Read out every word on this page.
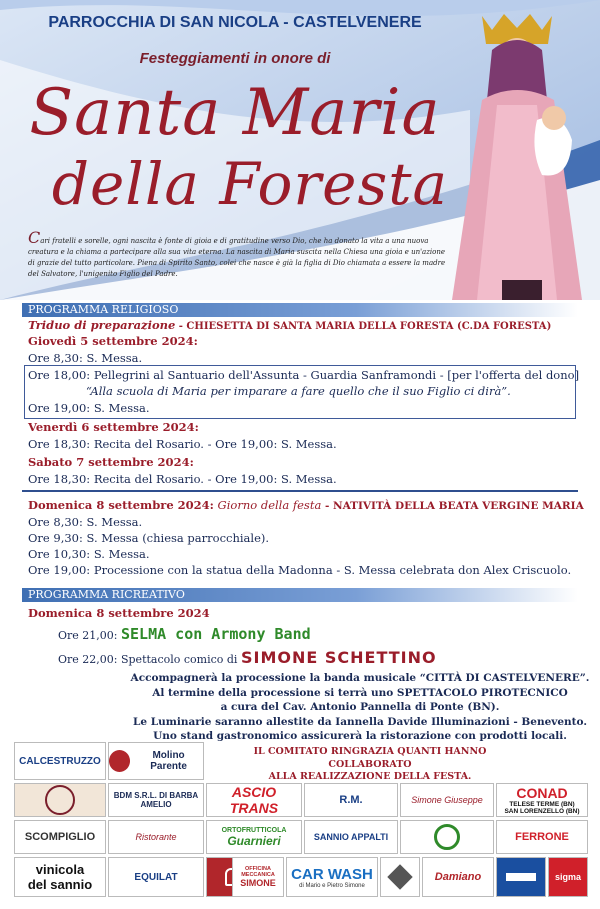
PARROCCHIA DI SAN NICOLA - CASTELVENERE
Festeggiamenti in onore di
Santa Maria
della Foresta
Cari fratelli e sorelle, ogni nascita è fonte di gioia e di gratitudine verso Dio, che ha donato la vita a una nuova creatura e la chiama a partecipare alla sua vita eterna. La nascita di Maria suscita nella Chiesa una gioia e un'azione di grazie del tutto particolare. Piena di Spirito Santo, colei che nasce è già la figlia di Dio chiamata a essere la madre del Salvatore, l'unigenito Figlio del Padre.
PROGRAMMA RELIGIOSO
Triduo di preparazione - CHIESETTA DI SANTA MARIA DELLA FORESTA (C.DA FORESTA)
Giovedì 5 settembre 2024:
Ore 8,30: S. Messa.
Ore 18,00: Pellegrini al Santuario dell'Assunta - Guardia Sanframondi - [per l'offerta del dono]
“Alla scuola di Maria per imparare a fare quello che il suo Figlio ci dirà”.
Ore 19,00: S. Messa.
Venerdì 6 settembre 2024:
Ore 18,30: Recita del Rosario. - Ore 19,00: S. Messa.
Sabato 7 settembre 2024:
Ore 18,30: Recita del Rosario. - Ore 19,00: S. Messa.
Domenica 8 settembre 2024: Giorno della festa - NATIVITÀ DELLA BEATA VERGINE MARIA
Ore 8,30: S. Messa.
Ore 9,30: S. Messa (chiesa parrocchiale).
Ore 10,30: S. Messa.
Ore 19,00: Processione con la statua della Madonna - S. Messa celebrata don Alex Criscuolo.
PROGRAMMA RICREATIVO
Domenica 8 settembre 2024
Ore 21,00: SELMA con Armony Band
Ore 22,00: Spettacolo comico di SIMONE SCHETTINO
Accompagnerà la processione la banda musicale “CITTÀ DI CASTELVENERE”.
Al termine della processione si terrà uno SPETTACOLO PIROTECNICO
a cura del Cav. Antonio Pannella di Ponte (BN).
Le Luminarie saranno allestite da Iannella Davide Illuminazioni - Benevento.
Uno stand gastronomico assicurerà la ristorazione con prodotti locali.
IL COMITATO RINGRAZIA QUANTI HANNO COLLABORATO
ALLA REALIZZAZIONE DELLA FESTA.
CALCESTRUZZO	Molino Parente
BDM S.R.L. DI BARBA AMELIO
ASCIO TRANS	R.M.	Simone Giuseppe CONAD
TELESE TERME (BN)
SAN LORENZELLO (BN)
SCOMPIGLIO	Ristorante
ORTOFRUTTICOLA
Guarnieri	SANNIO APPALTI	FERRONE
vinicola
del sannio	EQUILAT
OFFICINA MECCANICA
SIMONE
CAR WASH
di Mario e Pietro Simone
Damiano	sigma
